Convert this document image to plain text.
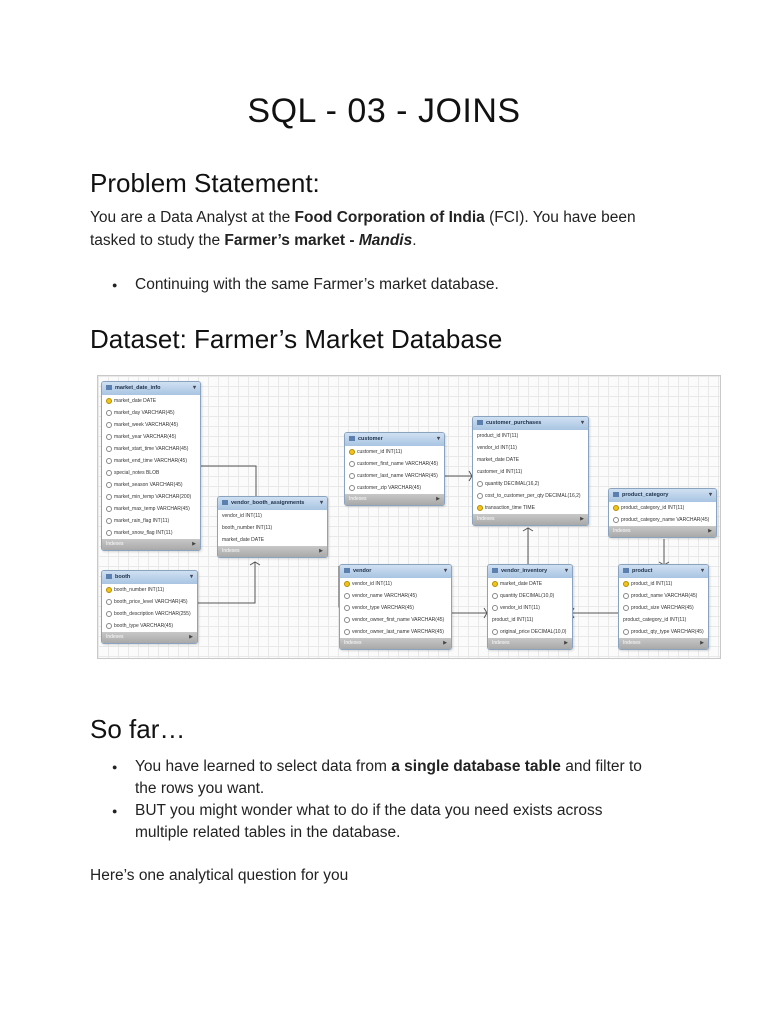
SQL - 03 - JOINS
Problem Statement:

You are a Data Analyst at the Food Corporation of India (FCI). You have been
tasked to study the Farmer’s market - Mandis.

● Continuing with the same Farmer’s market database.
Dataset: Farmer’s Market Database
market_date_info	▾
market_date DATE
market_day VARCHAR(45)
market_week VARCHAR(45)
market_year VARCHAR(45)
market_start_time VARCHAR(45)
market_end_time VARCHAR(45)
special_notes BLOB
market_season VARCHAR(45)
market_min_temp VARCHAR(200)
market_max_temp VARCHAR(45)
market_rain_flag INT(11)
market_snow_flag INT(11)
Indexes	▶
booth	▾
booth_number INT(11)
booth_price_level VARCHAR(45)
booth_description VARCHAR(255)
booth_type VARCHAR(45)
Indexes	▶
vendor_booth_assignments	▾
vendor_id INT(11)
booth_number INT(11)
market_date DATE
Indexes	▶
customer	▾
customer_id INT(11)
customer_first_name VARCHAR(45)
customer_last_name VARCHAR(45)
customer_zip VARCHAR(45)
Indexes	▶
vendor	▾
vendor_id INT(11)
vendor_name VARCHAR(45)
vendor_type VARCHAR(45)
vendor_owner_first_name VARCHAR(45)
vendor_owner_last_name VARCHAR(45)
Indexes	▶
customer_purchases	▾
product_id INT(11)
vendor_id INT(11)
market_date DATE
customer_id INT(11)
quantity DECIMAL(16,2)
cost_to_customer_per_qty DECIMAL(16,2)
transaction_time TIME
Indexes	▶
vendor_inventory	▾
market_date DATE
quantity DECIMAL(10,0)
vendor_id INT(11)
product_id INT(11)
original_price DECIMAL(10,0)
Indexes	▶
product_category	▾
product_category_id INT(11)
product_category_name VARCHAR(45)
Indexes	▶
product	▾
product_id INT(11)
product_name VARCHAR(45)
product_size VARCHAR(45)
product_category_id INT(11)
product_qty_type VARCHAR(45)
Indexes	▶
So far…
● You have learned to select data from a single database table and filter to
the rows you want.
● BUT you might wonder what to do if the data you need exists across
multiple related tables in the database.

Here’s one analytical question for you
